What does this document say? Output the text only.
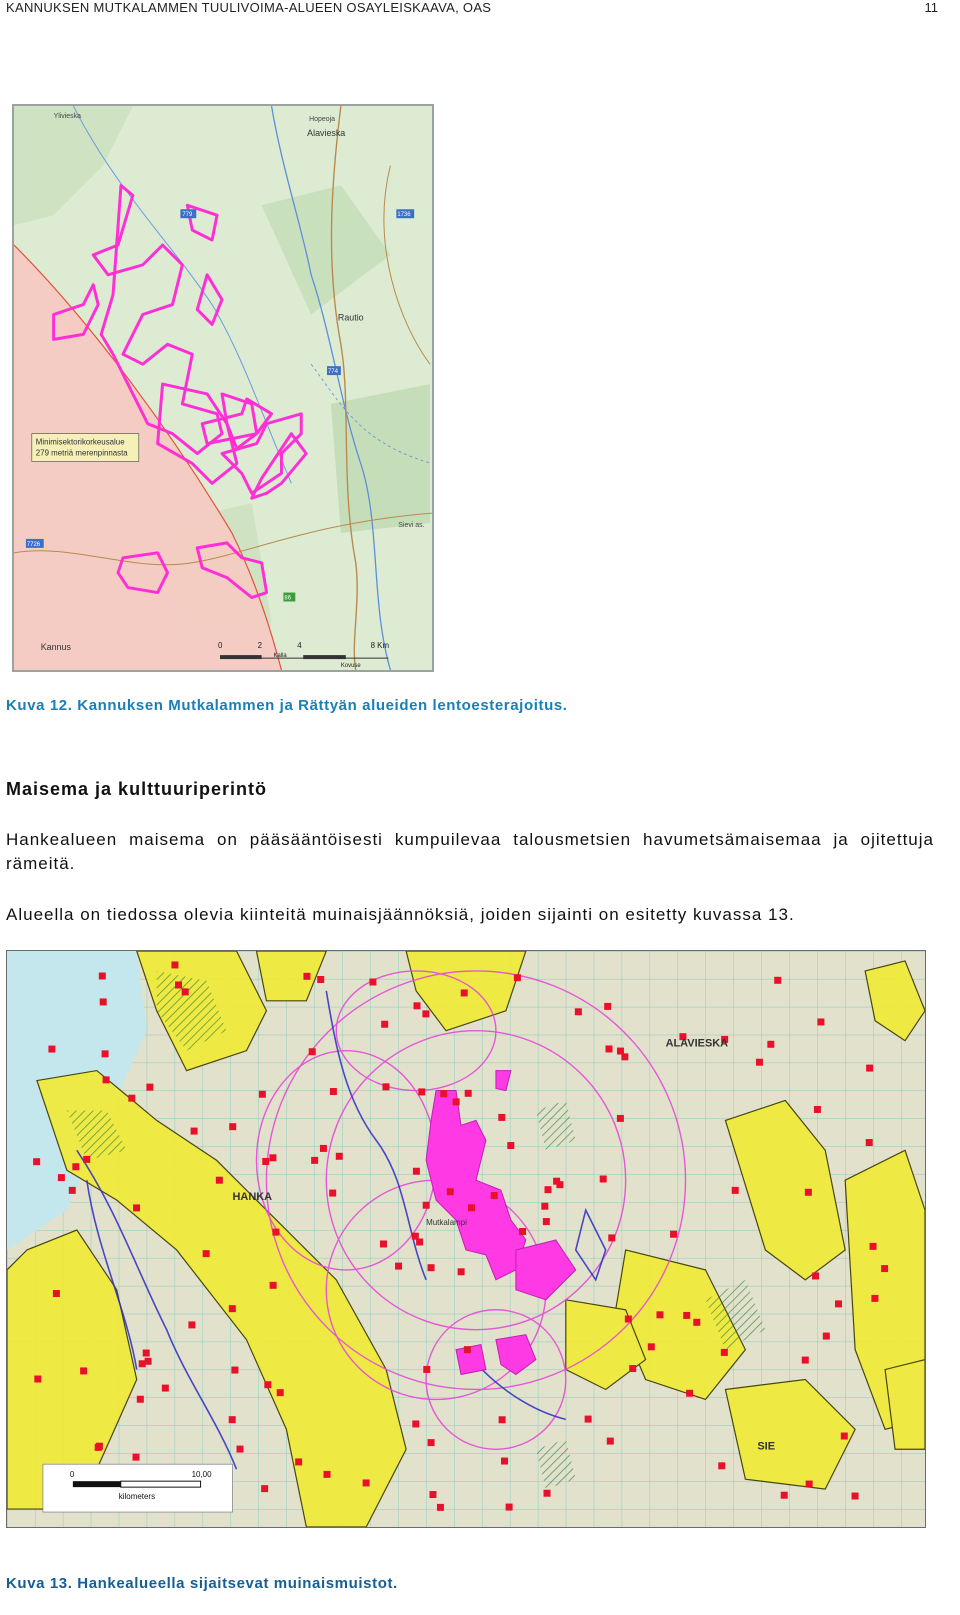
KANNUKSEN MUTKALAMMEN TUULIVOIMA-ALUEEN OSAYLEISKAAVA, OAS	11
Minimisektorikorkeusalue
279 metriä merenpinnasta
Alavieska
Hopeoja
Rautio
Kannus
Ylivieska
Sievi as.
779	1736
774
86
7726
0	2	4	8 Km
Kalla
Kovuse
Kuva 12. Kannuksen Mutkalammen ja Rättyän alueiden lentoesterajoitus.
Maisema ja kulttuuriperintö
Hankealueen maisema on pääsääntöisesti kumpuilevaa talousmetsien havumetsämaisemaa ja ojitettuja rämeitä.
Alueella on tiedossa olevia kiinteitä muinaisjäännöksiä, joiden sijainti on esitetty kuvassa 13.
ALAVIESKA
HANKA
SIE
Mutkalampi
0	10,00
kilometers
Kuva 13. Hankealueella sijaitsevat muinaismuistot.
